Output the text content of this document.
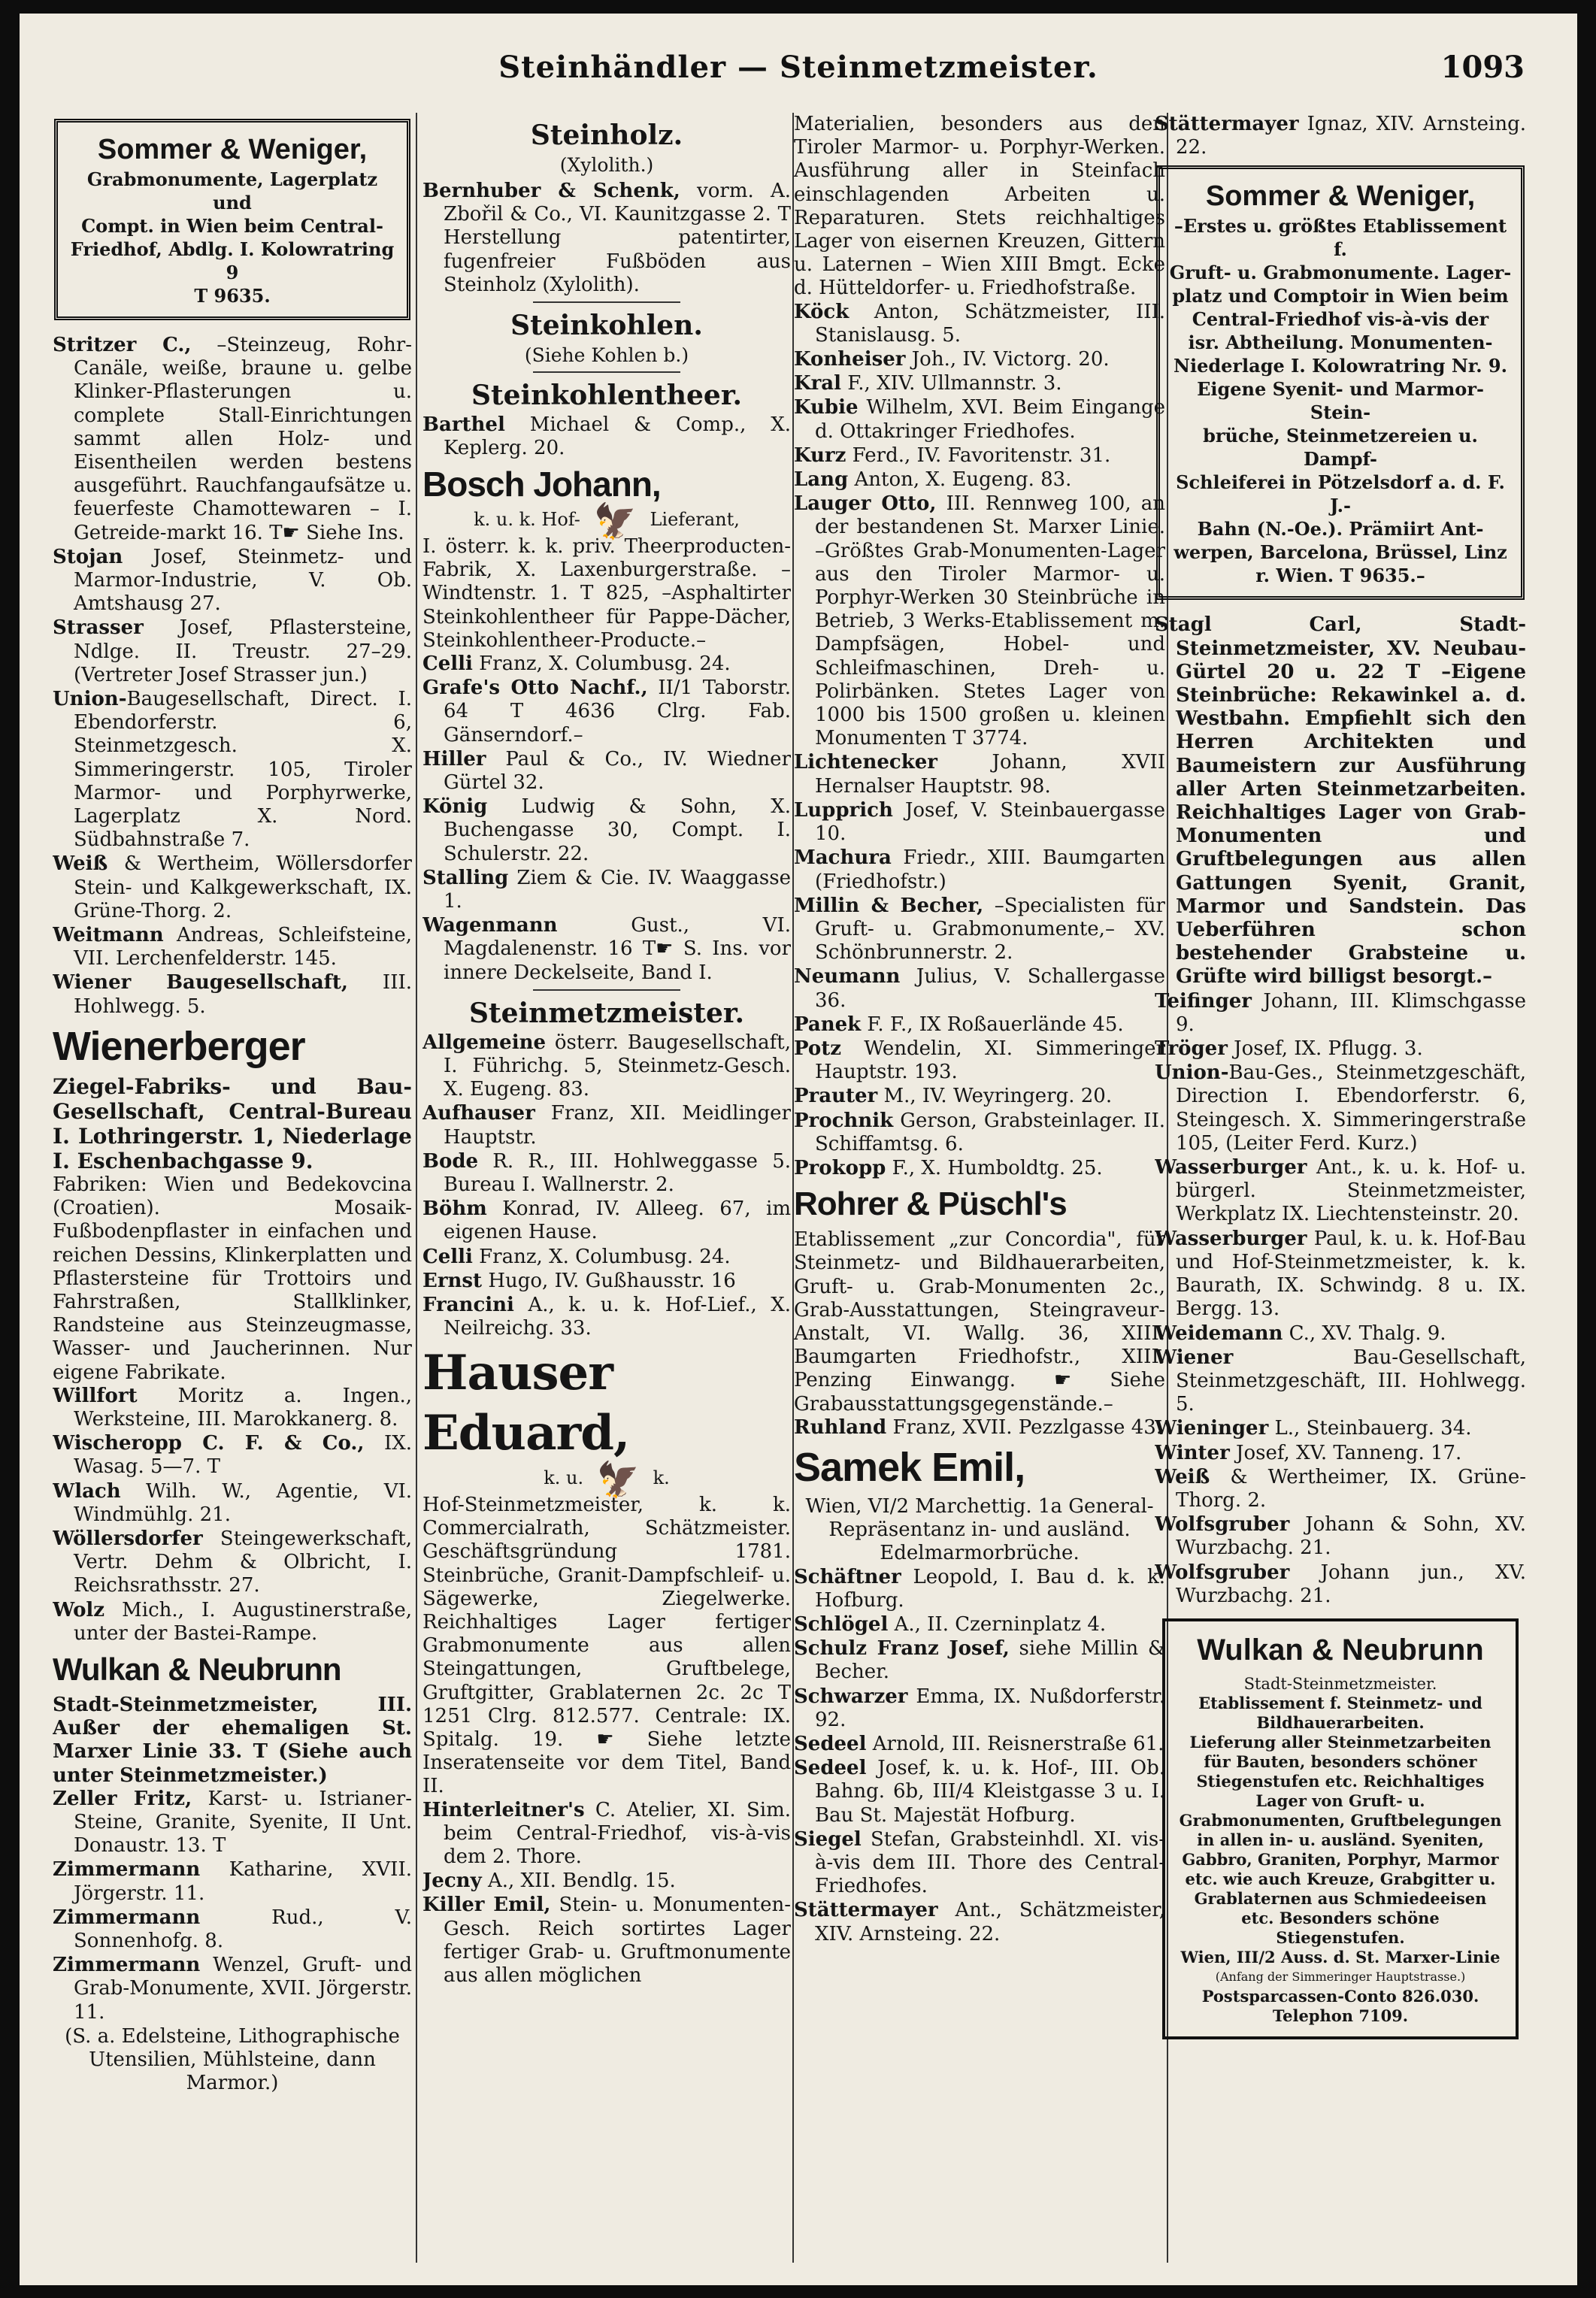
Steinhändler — Steinmetzmeister.	1093
Sommer & Weniger,
Grabmonumente, Lagerplatz und
Compt. in Wien beim Central-
Friedhof, Abdlg. I. Kolowratring 9
T 9635.
Stritzer C., –Steinzeug, Rohr-Canäle, weiße, braune u. gelbe Klinker-Pflasterungen u. complete Stall-Einrichtungen sammt allen Holz- und Eisentheilen werden bestens ausgeführt. Rauchfangaufsätze u. feuerfeste Chamottewaren – I. Getreide-markt 16. T☛ Siehe Ins.
Stojan Josef, Steinmetz- und Marmor-Industrie, V. Ob. Amtshausg 27.
Strasser Josef, Pflastersteine, Ndlge. II. Treustr. 27–29. (Vertreter Josef Strasser jun.)
Union-Baugesellschaft, Direct. I. Ebendorferstr. 6, Steinmetzgesch. X. Simmeringerstr. 105, Tiroler Marmor- und Porphyrwerke, Lagerplatz X. Nord. Südbahnstraße 7.
Weiß & Wertheim, Wöllersdorfer Stein- und Kalkgewerkschaft, IX. Grüne-Thorg. 2.
Weitmann Andreas, Schleifsteine, VII. Lerchenfelderstr. 145.
Wiener Baugesellschaft, III. Hohlwegg. 5.
Wienerberger
Ziegel-Fabriks- und Bau-Gesellschaft, Central-Bureau I. Lothringerstr. 1, Niederlage I. Eschenbachgasse 9.
Fabriken: Wien und Bedekovcina (Croatien). Mosaik-Fußbodenpflaster in einfachen und reichen Dessins, Klinkerplatten und Pflastersteine für Trottoirs und Fahrstraßen, Stallklinker, Randsteine aus Steinzeugmasse, Wasser- und Jaucherinnen. Nur eigene Fabrikate.
Willfort Moritz a. Ingen., Werksteine, III. Marokkanerg. 8.
Wischeropp C. F. & Co., IX. Wasag. 5—7. T
Wlach Wilh. W., Agentie, VI. Windmühlg. 21.
Wöllersdorfer Steingewerkschaft, Vertr. Dehm & Olbricht, I. Reichsrathsstr. 27.
Wolz Mich., I. Augustinerstraße, unter der Bastei-Rampe.
Wulkan & Neubrunn
Stadt-Steinmetzmeister, III. Außer der ehemaligen St. Marxer Linie 33. T (Siehe auch unter Steinmetzmeister.)
Zeller Fritz, Karst- u. Istrianer-Steine, Granite, Syenite, II Unt. Donaustr. 13. T
Zimmermann Katharine, XVII. Jörgerstr. 11.
Zimmermann Rud., V. Sonnenhofg. 8.
Zimmermann Wenzel, Gruft- und Grab-Monumente, XVII. Jörgerstr. 11.
(S. a. Edelsteine, Lithographische Utensilien, Mühlsteine, dann Marmor.)
Steinholz.
(Xylolith.)
Bernhuber & Schenk, vorm. A. Zbořil & Co., VI. Kaunitzgasse 2. T Herstellung patentirter, fugenfreier Fußböden aus Steinholz (Xylolith).
Steinkohlen.
(Siehe Kohlen b.)
Steinkohlentheer.
Barthel Michael & Comp., X. Keplerg. 20.
Bosch Johann,
k. u. k. Hof- 🦅 Lieferant,
I. österr. k. k. priv. Theerproducten-Fabrik, X. Laxenburgerstraße. – Windtenstr. 1. T 825, –Asphaltirter Steinkohlentheer für Pappe-Dächer, Steinkohlentheer-Producte.–
Celli Franz, X. Columbusg. 24.
Grafe's Otto Nachf., II/1 Taborstr. 64 T 4636 Clrg. Fab. Gänserndorf.–
Hiller Paul & Co., IV. Wiedner Gürtel 32.
König Ludwig & Sohn, X. Buchengasse 30, Compt. I. Schulerstr. 22.
Stalling Ziem & Cie. IV. Waaggasse 1.
Wagenmann Gust., VI. Magdalenenstr. 16 T☛ S. Ins. vor innere Deckelseite, Band I.
Steinmetzmeister.
Allgemeine österr. Baugesellschaft, I. Führichg. 5, Steinmetz-Gesch. X. Eugeng. 83.
Aufhauser Franz, XII. Meidlinger Hauptstr.
Bode R. R., III. Hohlweggasse 5. Bureau I. Wallnerstr. 2.
Böhm Konrad, IV. Alleeg. 67, im eigenen Hause.
Celli Franz, X. Columbusg. 24.
Ernst Hugo, IV. Gußhausstr. 16
Francini A., k. u. k. Hof-Lief., X. Neilreichg. 33.
Hauser Eduard,
k. u. 🦅 k.
Hof-Steinmetzmeister, k. k. Commercialrath, Schätzmeister. Geschäftsgründung 1781. Steinbrüche, Granit-Dampfschleif- u. Sägewerke, Ziegelwerke. Reichhaltiges Lager fertiger Grabmonumente aus allen Steingattungen, Gruftbelege, Gruftgitter, Grablaternen 2c. 2c T 1251 Clrg. 812.577. Centrale: IX. Spitalg. 19. ☛ Siehe letzte Inseratenseite vor dem Titel, Band II.
Hinterleitner's C. Atelier, XI. Sim. beim Central-Friedhof, vis-à-vis dem 2. Thore.
Jecny A., XII. Bendlg. 15.
Killer Emil, Stein- u. Monumenten-Gesch. Reich sortirtes Lager fertiger Grab- u. Gruftmonumente aus allen möglichen
Materialien, besonders aus den Tiroler Marmor- u. Porphyr-Werken. Ausführung aller in Steinfach einschlagenden Arbeiten u. Reparaturen. Stets reichhaltiges Lager von eisernen Kreuzen, Gittern u. Laternen – Wien XIII Bmgt. Ecke d. Hütteldorfer- u. Friedhofstraße.
Köck Anton, Schätzmeister, III. Stanislausg. 5.
Konheiser Joh., IV. Victorg. 20.
Kral F., XIV. Ullmannstr. 3.
Kubie Wilhelm, XVI. Beim Eingange d. Ottakringer Friedhofes.
Kurz Ferd., IV. Favoritenstr. 31.
Lang Anton, X. Eugeng. 83.
Lauger Otto, III. Rennweg 100, an der bestandenen St. Marxer Linie. –Größtes Grab-Monumenten-Lager aus den Tiroler Marmor- u. Porphyr-Werken 30 Steinbrüche in Betrieb, 3 Werks-Etablissement m. Dampfsägen, Hobel- und Schleifmaschinen, Dreh- u. Polirbänken. Stetes Lager von 1000 bis 1500 großen u. kleinen Monumenten T 3774.
Lichtenecker Johann, XVII Hernalser Hauptstr. 98.
Lupprich Josef, V. Steinbauergasse 10.
Machura Friedr., XIII. Baumgarten (Friedhofstr.)
Millin & Becher, –Specialisten für Gruft- u. Grabmonumente,– XV. Schönbrunnerstr. 2.
Neumann Julius, V. Schallergasse 36.
Panek F. F., IX Roßauerlände 45.
Potz Wendelin, XI. Simmeringer Hauptstr. 193.
Prauter M., IV. Weyringerg. 20.
Prochnik Gerson, Grabsteinlager. II. Schiffamtsg. 6.
Prokopp F., X. Humboldtg. 25.
Rohrer & Püschl's
Etablissement „zur Concordia", für Steinmetz- und Bildhauerarbeiten, Gruft- u. Grab-Monumenten 2c., Grab-Ausstattungen, Steingraveur-Anstalt, VI. Wallg. 36, XIII. Baumgarten Friedhofstr., XIII. Penzing Einwangg. ☛ Siehe Grabausstattungsgegenstände.–
Ruhland Franz, XVII. Pezzlgasse 43.
Samek Emil,
Wien, VI/2 Marchettig. 1a General-Repräsentanz in- und ausländ. Edelmarmorbrüche.
Schäftner Leopold, I. Bau d. k. k. Hofburg.
Schlögel A., II. Czerninplatz 4.
Schulz Franz Josef, siehe Millin & Becher.
Schwarzer Emma, IX. Nußdorferstr. 92.
Sedeel Arnold, III. Reisnerstraße 61.
Sedeel Josef, k. u. k. Hof-, III. Ob. Bahng. 6b, III/4 Kleistgasse 3 u. I. Bau St. Majestät Hofburg.
Siegel Stefan, Grabsteinhdl. XI. vis-à-vis dem III. Thore des Central-Friedhofes.
Stättermayer Ant., Schätzmeister, XIV. Arnsteing. 22.
Stättermayer Ignaz, XIV. Arnsteing. 22.
Sommer & Weniger,
–Erstes u. größtes Etablissement f.
Gruft- u. Grabmonumente. Lager-
platz und Comptoir in Wien beim
Central-Friedhof vis-à-vis der
isr. Abtheilung. Monumenten-
Niederlage I. Kolowratring Nr. 9.
Eigene Syenit- und Marmor-Stein-
brüche, Steinmetzereien u. Dampf-
Schleiferei in Pötzelsdorf a. d. F. J.-
Bahn (N.-Oe.). Prämiirt Ant-
werpen, Barcelona, Brüssel, Linz
r. Wien. T 9635.–
Stagl Carl, Stadt-Steinmetzmeister, XV. Neubau-Gürtel 20 u. 22 T –Eigene Steinbrüche: Rekawinkel a. d. Westbahn. Empfiehlt sich den Herren Architekten und Baumeistern zur Ausführung aller Arten Steinmetzarbeiten. Reichhaltiges Lager von Grab-Monumenten und Gruftbelegungen aus allen Gattungen Syenit, Granit, Marmor und Sandstein. Das Ueberführen schon bestehender Grabsteine u. Grüfte wird billigst besorgt.–
Teifinger Johann, III. Klimschgasse 9.
Tröger Josef, IX. Pflugg. 3.
Union-Bau-Ges., Steinmetzgeschäft, Direction I. Ebendorferstr. 6, Steingesch. X. Simmeringerstraße 105, (Leiter Ferd. Kurz.)
Wasserburger Ant., k. u. k. Hof- u. bürgerl. Steinmetzmeister, Werkplatz IX. Liechtensteinstr. 20.
Wasserburger Paul, k. u. k. Hof-Bau und Hof-Steinmetzmeister, k. k. Baurath, IX. Schwindg. 8 u. IX. Bergg. 13.
Weidemann C., XV. Thalg. 9.
Wiener Bau-Gesellschaft, Steinmetzgeschäft, III. Hohlwegg. 5.
Wieninger L., Steinbauerg. 34.
Winter Josef, XV. Tanneng. 17.
Weiß & Wertheimer, IX. Grüne-Thorg. 2.
Wolfsgruber Johann & Sohn, XV. Wurzbachg. 21.
Wolfsgruber Johann jun., XV. Wurzbachg. 21.
Wulkan & Neubrunn
Stadt-Steinmetzmeister.
Etablissement f. Steinmetz- und Bildhauerarbeiten.
Lieferung aller Steinmetzarbeiten für Bauten, besonders schöner Stiegenstufen etc. Reichhaltiges Lager von Gruft- u. Grabmonumenten, Gruftbelegungen in allen in- u. ausländ. Syeniten, Gabbro, Graniten, Porphyr, Marmor etc. wie auch Kreuze, Grabgitter u. Grablaternen aus Schmiedeeisen etc. Besonders schöne Stiegenstufen.
Wien, III/2 Auss. d. St. Marxer-Linie
(Anfang der Simmeringer Hauptstrasse.)
Postsparcassen-Conto 826.030.
Telephon 7109.
